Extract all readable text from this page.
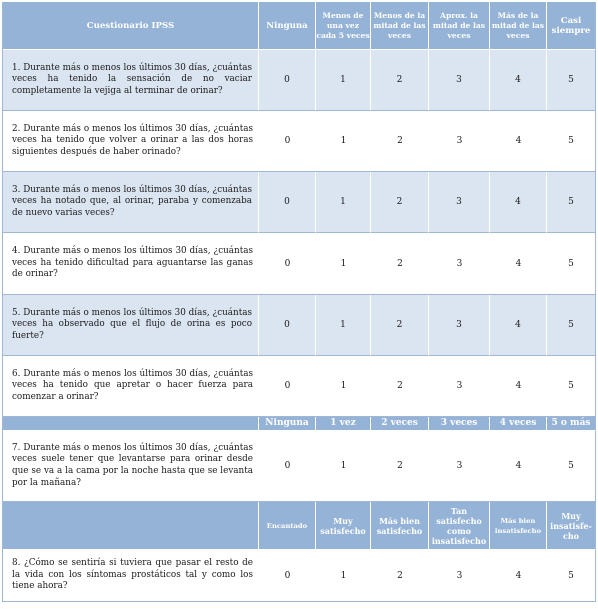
Cuestionario IPSS	Ninguna	Menos de una vez cada 5 veces	Menos de la mitad de las veces	Aprox. la mitad de las veces	Más de la mitad de las veces	Casi siempre
1. Durante más o menos los últimos 30 días, ¿cuántas veces ha tenido la sensación de no vaciar completamente la vejiga al terminar de orinar?	0	1	2	3	4	5
2. Durante más o menos los últimos 30 días, ¿cuántas veces ha tenido que volver a orinar a las dos horas siguientes después de haber orinado?	0	1	2	3	4	5
3. Durante más o menos los últimos 30 días, ¿cuántas veces ha notado que, al orinar, paraba y comenzaba de nuevo varias veces?	0	1	2	3	4	5
4. Durante más o menos los últimos 30 días, ¿cuántas veces ha tenido dificultad para aguantarse las ganas de orinar?	0	1	2	3	4	5
5. Durante más o menos los últimos 30 días, ¿cuántas veces ha observado que el flujo de orina es poco fuerte?	0	1	2	3	4	5
6. Durante más o menos los últimos 30 días, ¿cuántas veces ha tenido que apretar o hacer fuerza para comenzar a orinar?	0	1	2	3	4	5
	Ninguna	1 vez	2 veces	3 veces	4 veces	5 o más
7. Durante más o menos los últimos 30 días, ¿cuántas veces suele tener que levantarse para orinar desde que se va a la cama por la noche hasta que se levanta por la mañana?	0	1	2	3	4	5
	Encantado	Muy satisfecho	Más bien satisfecho	Tan satisfecho como insatisfecho	Más bien insatisfecho	Muy insatisfe-cho
8. ¿Cómo se sentiría si tuviera que pasar el resto de la vida con los síntomas prostáticos tal y como los tiene ahora?	0	1	2	3	4	5
